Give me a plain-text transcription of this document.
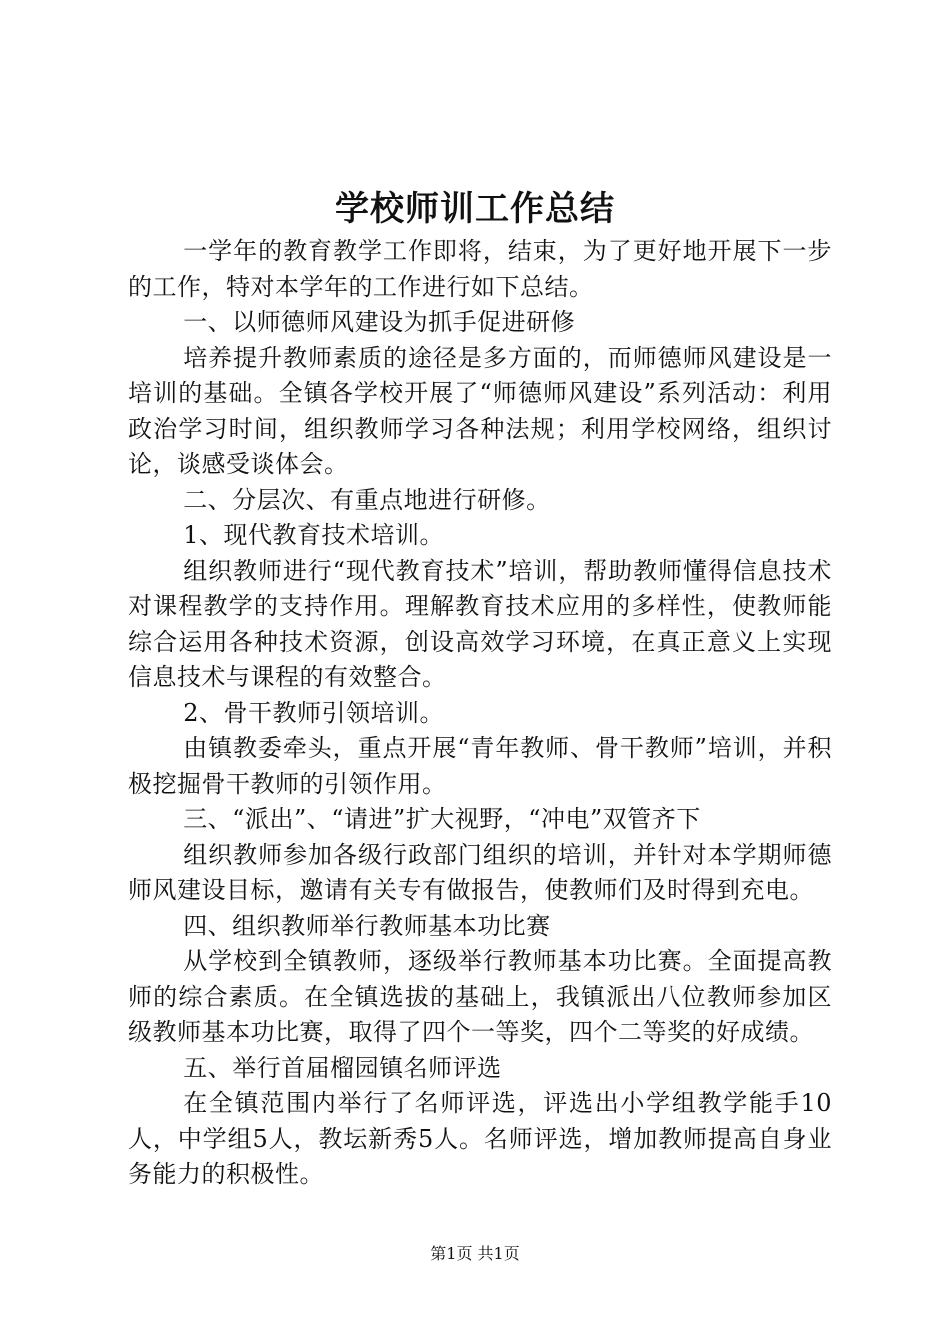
学校师训工作总结

一学年的教育教学工作即将，结束，为了更好地开展下一步的工作，特对本学年的工作进行如下总结。

一、以师德师风建设为抓手促进研修

培养提升教师素质的途径是多方面的，而师德师风建设是一培训的基础。全镇各学校开展了“师德师风建设”系列活动：利用政治学习时间，组织教师学习各种法规；利用学校网络，组织讨论，谈感受谈体会。

二、分层次、有重点地进行研修。

1、现代教育技术培训。

组织教师进行“现代教育技术”培训，帮助教师懂得信息技术对课程教学的支持作用。理解教育技术应用的多样性，使教师能综合运用各种技术资源，创设高效学习环境，在真正意义上实现信息技术与课程的有效整合。

2、骨干教师引领培训。

由镇教委牵头，重点开展“青年教师、骨干教师”培训，并积极挖掘骨干教师的引领作用。

三、“派出”、“请进”扩大视野，“冲电”双管齐下

组织教师参加各级行政部门组织的培训，并针对本学期师德师风建设目标，邀请有关专有做报告，使教师们及时得到充电。

四、组织教师举行教师基本功比赛

从学校到全镇教师，逐级举行教师基本功比赛。全面提高教师的综合素质。在全镇选拔的基础上，我镇派出八位教师参加区级教师基本功比赛，取得了四个一等奖，四个二等奖的好成绩。

五、举行首届榴园镇名师评选

在全镇范围内举行了名师评选，评选出小学组教学能手10人，中学组5人，教坛新秀5人。名师评选，增加教师提高自身业务能力的积极性。

第1页 共1页
